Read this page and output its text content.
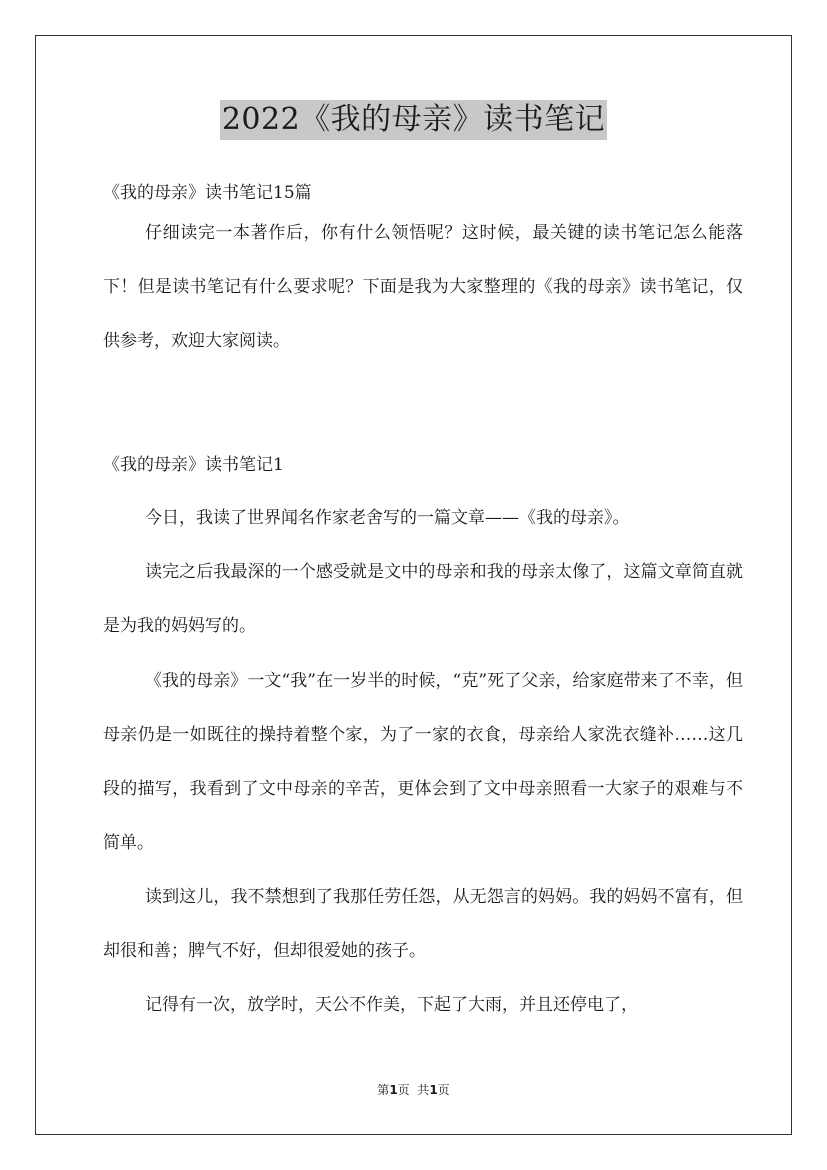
2022《我的母亲》读书笔记
《我的母亲》读书笔记15篇

仔细读完一本著作后，你有什么领悟呢？这时候，最关键的读书笔记怎么能落下！但是读书笔记有什么要求呢？下面是我为大家整理的《我的母亲》读书笔记，仅供参考，欢迎大家阅读。

《我的母亲》读书笔记1

今日，我读了世界闻名作家老舍写的一篇文章——《我的母亲》。

读完之后我最深的一个感受就是文中的母亲和我的母亲太像了，这篇文章简直就是为我的妈妈写的。

《我的母亲》一文“我”在一岁半的时候，“克”死了父亲，给家庭带来了不幸，但母亲仍是一如既往的操持着整个家，为了一家的衣食，母亲给人家洗衣缝补……这几段的描写，我看到了文中母亲的辛苦，更体会到了文中母亲照看一大家子的艰难与不简单。

读到这儿，我不禁想到了我那任劳任怨，从无怨言的妈妈。我的妈妈不富有，但却很和善；脾气不好，但却很爱她的孩子。

记得有一次，放学时，天公不作美，下起了大雨，并且还停电了，

第1页  共1页
